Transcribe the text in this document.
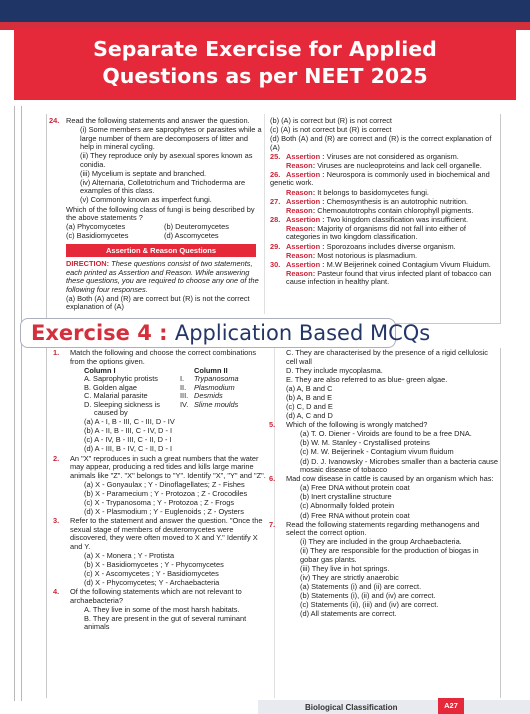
Separate Exercise for Applied
Questions as per NEET 2025

24. Read the following statements and answer the question.

(i) Some members are saprophytes or parasites while a large number of them are decomposers of litter and help in mineral cycling.

(ii) They reproduce only by asexual spores known as conidia.

(iii) Mycelium is septate and branched.

(iv) Alternaria, Colletotrichum and Trichoderma are examples of this class.

(v) Commonly known as imperfect fungi.

Which of the following class of fungi is being described by the above statements ?

(a) Phycomycetes	(b) Deuteromycetes
(c) Basidiomycetes	(d) Ascomycetes
Assertion & Reason Questions

DIRECTION: These questions consist of two statements, each printed as Assertion and Reason. While answering these questions, you are required to choose any one of the following four responses.

(a) Both (A) and (R) are correct but (R) is not the correct explanation of (A)

(b) (A) is correct but (R) is not correct

(c) (A) is not correct but (R) is correct

(d) Both (A) and (R) are correct and (R) is the correct explanation of (A)

25. Assertion : Viruses are not considered as organism.

Reason: Viruses are nucleoproteins and lack cell organelle.

26. Assertion : Neurospora is commonly used in biochemical and genetic work.

Reason: It belongs to basidomycetes fungi.

27. Assertion : Chemosynthesis is an autotrophic nutrition.

Reason: Chemoautotrophs contain chlorophyll pigments.

28. Assertion : Two kingdom classification was insufficient.

Reason: Majority of organisms did not fall into either of categories in two kingdom classification.

29. Assertion : Sporozoans includes diverse organism.

Reason: Most notorious is plasmadium.

30. Assertion : M.W Beijerinek coined Contagium Vivum Fluidum.

Reason: Pasteur found that virus infected plant of tobacco can cause infection in healthy plant.

Exercise 4 : Application Based MCQs

1. Match the following and choose the correct combinations from the options given.

Column I	Column II
A. Saprophytic protists	I.	Trypanosoma
B. Golden algae	II.	Plasmodium
C. Malarial parasite	III. Desmids
D. Sleeping sickness is	IV. Slime moulds

caused by

(a) A - I, B - III, C - III, D - IV

(b) A - II, B - III, C - IV, D - I

(c) A - IV, B - III, C - II, D - I

(d) A - III, B - IV, C - II, D - I

2. An "X" reproduces in such a great numbers that the water may appear, producing a red tides and kills large marine animals like "Z". "X" belongs to "Y". Identify "X", "Y" and "Z".

(a) X - Gonyaulax ; Y - Dinoflagellates; Z - Fishes

(b) X - Paramecium ; Y - Protozoa ; Z - Crocodiles

(c) X - Trypanosoma ; Y - Protozoa ; Z - Frogs

(d) X - Plasmodium ; Y - Euglenoids ; Z - Oysters

3. Refer to the statement and answer the question. "Once the sexual stage of members of deuteromycetes were discovered, they were often moved to X and Y." Identify X and Y.

(a) X - Monera ; Y - Protista

(b) X - Basidiomycetes ; Y - Phycomycetes

(c) X - Ascomycetes ; Y - Basidiomycetes

(d) X - Phycomycetes; Y - Archaebacteria

4. Of the following statements which are not relevant to archaebacteria?

A. They live in some of the most harsh habitats.

B. They are present in the gut of several ruminant animals

C. They are characterised by the presence of a rigid cellulosic cell wall

D. They include mycoplasma.

E. They are also referred to as blue- green algae.

(a) A, B and C

(b) A, B and E

(c) C, D and E

(d) A, C and D

5. Which of the following is wrongly matched?

(a) T. O. Diener - Viroids are found to be a free DNA.

(b) W. M. Stanley - Crystallised proteins

(c) M. W. Beijerinek - Contagium vivum fluidum

(d) D. J. Ivanowsky - Microbes smaller than a bacteria cause mosaic disease of tobacco

6. Mad cow disease in cattle is caused by an organism which has:

(a) Free DNA without protein coat

(b) Inert crystalline structure

(c) Abnormally folded protein

(d) Free RNA without protein coat

7. Read the following statements regarding methanogens and select the correct option.

(i) They are included in the group Archaebacteria.

(ii) They are responsible for the production of biogas in gobar gas plants.

(iii) They live in hot springs.

(iv) They are strictly anaerobic

(a) Statements (i) and (ii) are correct.

(b) Statements (i), (ii) and (iv) are correct.

(c) Statements (ii), (iii) and (iv) are correct.

(d) All statements are correct.

Biological Classification	A27
